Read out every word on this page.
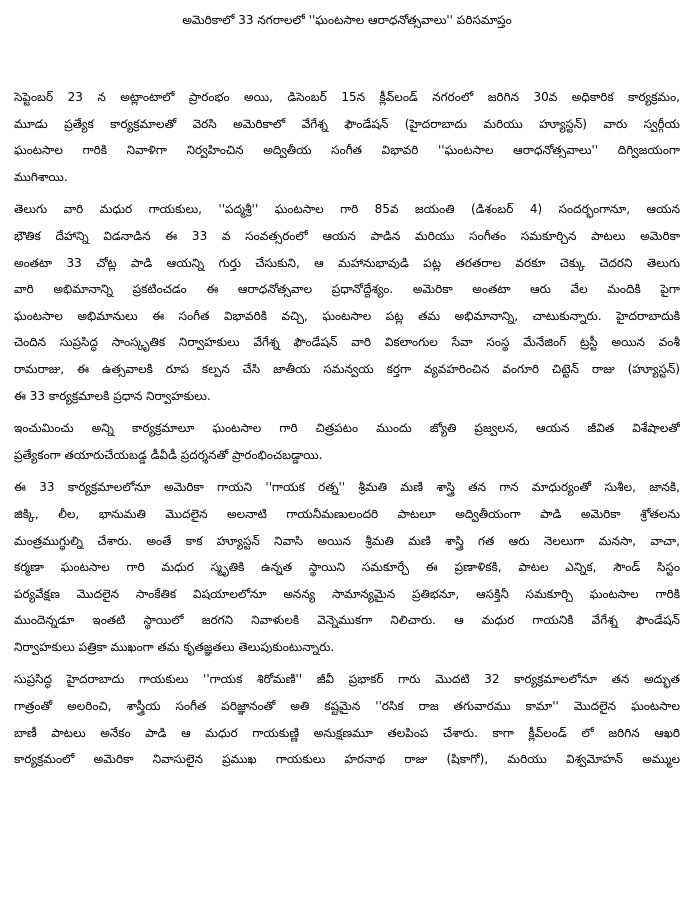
అమెరికాలో 33 నగరాలలో ''ఘంటసాల ఆరాధనోత్సవాలు'' పరిసమాప్తం
సెప్టెంబర్ 23 న అట్లాంటాలో ప్రారంభం అయి, డిసెంబర్ 15న క్లీవ్‌లండ్ నగరంలో జరిగిన 30వ అధికారిక కార్యక్రమం,
మూడు ప్రత్యేక కార్యక్రమాలతో వెరసి అమెరికాలో వేగేశ్న ఫౌండేషన్ (హైదరాబాదు మరియు హ్యూస్టన్) వారు స్వర్గీయ
ఘంటసాల గారికి నివాళిగా నిర్వహించిన అద్వితీయ సంగీత విభావరి ''ఘంటసాల ఆరాధనోత్సవాలు'' దిగ్విజయంగా
ముగిశాయి.
తెలుగు వారి మధుర గాయకులు, ''పద్మశ్రీ'' ఘంటసాల గారి 85వ జయంతి (డిశంబర్ 4) సందర్భంగానూ, ఆయన
భౌతిక దేహాన్ని విడనాడిన ఈ 33 వ సంవత్సరంలో ఆయన పాడిన మరియు సంగీతం సమకూర్చిన పాటలు అమెరికా
అంతటా 33 చోట్ల పాడి ఆయన్ని గుర్తు చేసుకుని, ఆ మహానుభావుడి పట్ల తరతరాల వరకూ చెక్కు చెదరని తెలుగు
వారి అభిమానాన్ని ప్రకటించడం ఈ ఆరాధనోత్సవాల ప్రధానోద్దేశ్యం. అమెరికా అంతటా ఆరు వేల మందికి పైగా
ఘంటసాల అభిమానులు ఈ సంగీత విభావరికి వచ్చి, ఘంటసాల పట్ల తమ అభిమానాన్ని, చాటుకున్నారు. హైదరాబాదుకి
చెందిన సుప్రసిద్ధ సాంస్కృతిక నిర్వాహకులు వేగేశ్న ఫౌండేషన్ వారి వికలాంగుల సేవా సంస్థ మేనేజింగ్ ట్రస్టీ అయిన వంశీ
రామరాజు, ఈ ఉత్సవాలకి రూప కల్పన చేసి జాతీయ సమన్వయ కర్తగా వ్యవహరించిన వంగూరి చిట్టెన్ రాజు (హ్యూస్టన్)
ఈ 33 కార్యక్రమాలకి ప్రధాన నిర్వాహకులు.
ఇంచుమించు అన్ని కార్యక్రమాలూ ఘంటసాల గారి చిత్రపటం ముందు జ్యోతి ప్రజ్వలన, ఆయన జీవిత విశేషాలతో
ప్రత్యేకంగా తయారుచేయబడ్డ డీవీడీ ప్రదర్శనతో ప్రారంభించబడ్డాయి.
ఈ 33 కార్యక్రమాలలోనూ అమెరికా గాయని ''గాయక రత్న'' శ్రీమతి మణి శాస్త్రి తన గాన మాధుర్యంతో సుశీల, జానకి,
జిక్కి, లీల, భానుమతి మొదలైన అలనాటి గాయనీమణులందరి పాటలూ అద్వితీయంగా పాడి అమెరికా శ్రోతలను
మంత్రముగ్ధుల్ని చేశారు. అంతే కాక హ్యూస్టన్ నివాసి అయిన శ్రీమతి మణి శాస్త్రి గత ఆరు నెలలుగా మనసా, వాచా,
కర్మణా ఘంటసాల గారి మధుర స్మృతికి ఉన్నత స్థాయిని సమకూర్చే ఈ ప్రణాళికకి, పాటల ఎన్నిక, సౌండ్ సిస్టం
పర్యవేక్షణ మొదలైన సాంకేతిక విషయాలలోనూ అనన్య సామాన్యమైన ప్రతిభనూ, ఆసక్తినీ సమకూర్చి ఘంటసాల గారికి
ముందెన్నడూ ఇంతటి స్థాయిలో జరగని నివాళులకి వెన్నెముకగా నిలిచారు. ఆ మధుర గాయనికి వేగేశ్న ఫౌండేషన్
నిర్వాహకులు పత్రికా ముఖంగా తమ కృతజ్ఞతలు తెలుపుకుంటున్నారు.
సుప్రసిద్ధ హైదరాబాదు గాయకులు ''గాయక శిరోమణి'' జీవీ ప్రభాకర్ గారు మొదటి 32 కార్యక్రమాలలోనూ తన అద్భుత
గాత్రంతో అలరించి, శాస్త్రీయ సంగీత పరిజ్ఞానంతో అతి కష్టమైన ''రసిక రాజ తగువారము కామా'' మొదలైన ఘంటసాల
బాణీ పాటలు అనేకం పాడి ఆ మధుర గాయకుణ్ణి అనుక్షణమూ తలపింప చేశారు. కాగా క్లీవ్‌లండ్ లో జరిగిన ఆఖరి
కార్యక్రమంలో అమెరికా నివాసులైన ప్రముఖ గాయకులు హరనాథ రాజు (షికాగో), మరియు విశ్వమోహన్ అమ్ముల
